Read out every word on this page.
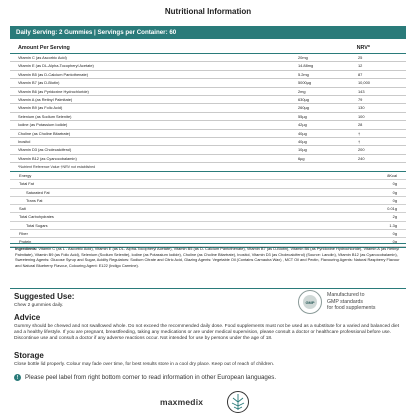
Nutritional Information
Daily Serving: 2 Gummies | Servings per Container: 60
Amount Per Serving	NRV*
Vitamin C (as Ascorbic Acid)	20mg	25
Vitamin E (as DL-Alpha-Tocopheryl Acetate)	14.88mg	12
Vitamin B5 (as D-Calcium Pantothenate)	5.2mg	87
Vitamin B7 (as D-Biotin)	5000µg	10,000
Vitamin B6 (as Pyridoxine Hydrochloride)	2mg	143
Vitamin A (as Retinyl Palmitate)	630µg	79
Vitamin B9 (as Folic Acid)	260µg	130
Selenium (as Sodium Selenite)	55µg	100
Iodine (as Potassium Iodide)	42µg	28
Choline (as Choline Bitartrate)	40µg	†
Inositol	40µg	†
Vitamin D3 (as Cholecalciferol)	10µg	200
Vitamin B12 (as Cyanocobalamin)	6µg	240
*Nutrient Reference Value †NRV not established
Energy	8Kcal
Total Fat	0g
Saturated Fat	0g
Trans Fat	0g
Salt	0.01g
Total Carbohydrates	2g
Total Sugars	1.3g
Fiber	0g
Protein	0g
Ingredients: Vitamin C (as L - Ascorbic Acid), Vitamin E (as DL- Alpha-Tocopheryl Acetate), Vitamin B5 (as D- Calcium Pantothenate), Vitamin B7 (as D-Biotin), Vitamin B6 (as Pyridoxine Hydrochloride), Vitamin A (as Retinyl Palmitate), Vitamin B9 (as Folic Acid), Selenium (Sodium Selenite), Iodine (as Potassium Iodide), Choline (as Choline Bitartrate), Inositol, Vitamin D3 (as Cholecalciferol) (Source: Lanolin), Vitamin B12 (as Cyanocobalamin), Sweetening Agents: Glucose Syrup and Sugar, Acidity Regulators: Sodium Citrate and Citric Acid, Glazing Agents: Vegetable Oil (Contains Carnauba Wax) , MCT Oil and Pectin, Flavouring Agents: Natural Raspberry Flavour and Natural Blueberry Flavour, Colouring Agent: E122 (Indigo Carmine).
Suggested Use:
Chew 2 gummies daily.
GMP
Manufactured to
GMP standards
for food supplements
Advice
Gummy should be chewed and not swallowed whole. Do not exceed the recommended daily dose. Food supplements must not be used as a substitute for a varied and balanced diet and a healthy lifestyle. If you are pregnant, breastfeeding, taking any medications or are under medical supervision, please consult a doctor or healthcare professional before use. Discontinue use and consult a doctor if any adverse reactions occur. Not intended for use by persons under the age of 18.
Storage
Close bottle lid properly. Colour may fade over time, for best results store in a cool dry place. Keep out of reach of children.
!	Please peel label from right bottom corner to read information in other European languages.
maxmedix
